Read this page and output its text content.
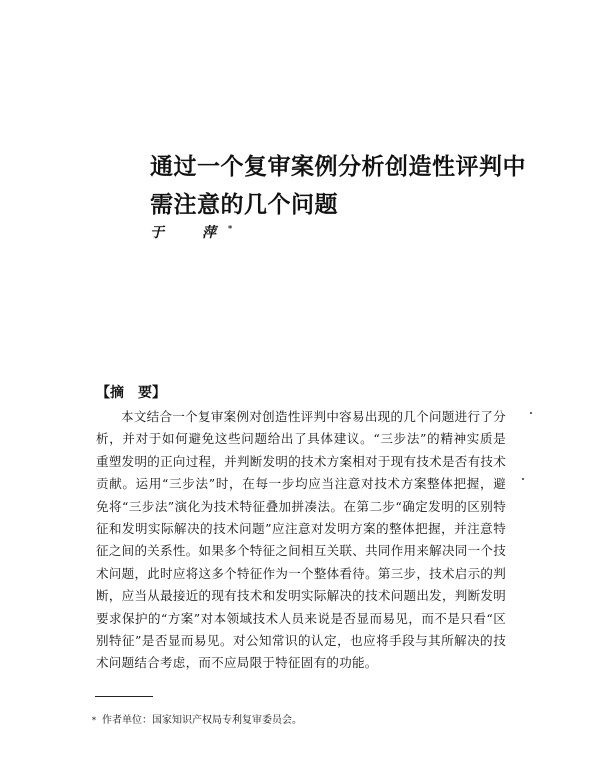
通过一个复审案例分析创造性评判中
需注意的几个问题
于　萍*
【摘　要】
本文结合一个复审案例对创造性评判中容易出现的几个问题进行了分析，并对于如何避免这些问题给出了具体建议。“三步法”的精神实质是重塑发明的正向过程，并判断发明的技术方案相对于现有技术是否有技术贡献。运用“三步法”时，在每一步均应当注意对技术方案整体把握，避免将“三步法”演化为技术特征叠加拼凑法。在第二步“确定发明的区别特征和发明实际解决的技术问题”应注意对发明方案的整体把握，并注意特征之间的关系性。如果多个特征之间相互关联、共同作用来解决同一个技术问题，此时应将这多个特征作为一个整体看待。第三步，技术启示的判断，应当从最接近的现有技术和发明实际解决的技术问题出发，判断发明要求保护的“方案”对本领域技术人员来说是否显而易见，而不是只看“区别特征”是否显而易见。对公知常识的认定，也应将手段与其所解决的技术问题结合考虑，而不应局限于特征固有的功能。
* 作者单位：国家知识产权局专利复审委员会。
